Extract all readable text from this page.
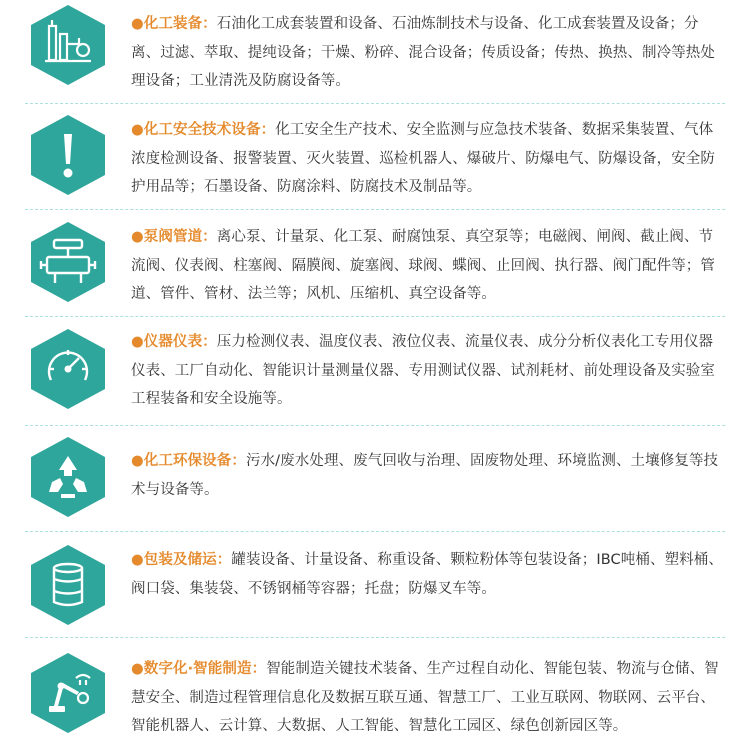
●化工装备：石油化工成套装置和设备、石油炼制技术与设备、化工成套装置及设备；分离、过滤、萃取、提纯设备；干燥、粉碎、混合设备；传质设备；传热、换热、制冷等热处理设备；工业清洗及防腐设备等。
●化工安全技术设备：化工安全生产技术、安全监测与应急技术装备、数据采集装置、气体浓度检测设备、报警装置、灭火装置、巡检机器人、爆破片、防爆电气、防爆设备，安全防护用品等；石墨设备、防腐涂料、防腐技术及制品等。
●泵阀管道：离心泵、计量泵、化工泵、耐腐蚀泵、真空泵等；电磁阀、闸阀、截止阀、节流阀、仪表阀、柱塞阀、隔膜阀、旋塞阀、球阀、蝶阀、止回阀、执行器、阀门配件等；管道、管件、管材、法兰等；风机、压缩机、真空设备等。
●仪器仪表：压力检测仪表、温度仪表、液位仪表、流量仪表、成分分析仪表化工专用仪器仪表、工厂自动化、智能识计量测量仪器、专用测试仪器、试剂耗材、前处理设备及实验室工程装备和安全设施等。
●化工环保设备：污水/废水处理、废气回收与治理、固废物处理、环境监测、土壤修复等技术与设备等。
●包装及储运：罐装设备、计量设备、称重设备、颗粒粉体等包装设备；IBC吨桶、塑料桶、阀口袋、集装袋、不锈钢桶等容器；托盘；防爆叉车等。
●数字化·智能制造：智能制造关键技术装备、生产过程自动化、智能包装、物流与仓储、智慧安全、制造过程管理信息化及数据互联互通、智慧工厂、工业互联网、物联网、云平台、智能机器人、云计算、大数据、人工智能、智慧化工园区、绿色创新园区等。
